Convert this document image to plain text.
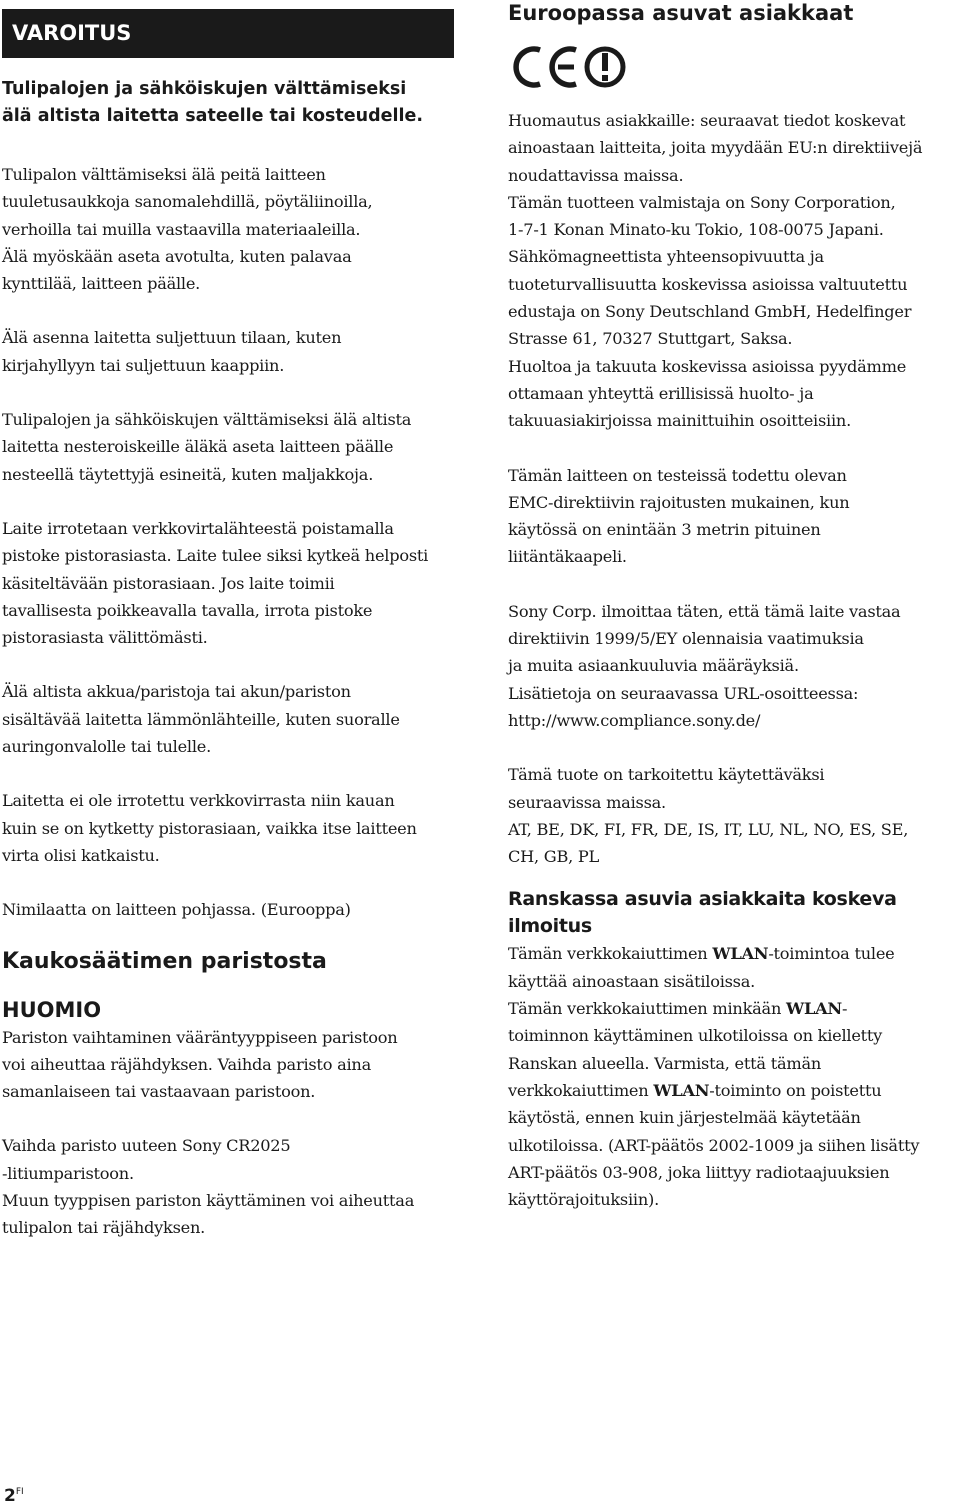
VAROITUS
Tulipalojen ja sähköiskujen välttämiseksi
älä altista laitetta sateelle tai kosteudelle.

Tulipalon välttämiseksi älä peitä laitteen

tuuletusaukkoja sanomalehdillä, pöytäliinoilla,

verhoilla tai muilla vastaavilla materiaaleilla.

Älä myöskään aseta avotulta, kuten palavaa

kynttilää, laitteen päälle.

Älä asenna laitetta suljettuun tilaan, kuten

kirjahyllyyn tai suljettuun kaappiin.

Tulipalojen ja sähköiskujen välttämiseksi älä altista

laitetta nesteroiskeille äläkä aseta laitteen päälle

nesteellä täytettyjä esineitä, kuten maljakkoja.

Laite irrotetaan verkkovirtalähteestä poistamalla

pistoke pistorasiasta. Laite tulee siksi kytkeä helposti

käsiteltävään pistorasiaan. Jos laite toimii

tavallisesta poikkeavalla tavalla, irrota pistoke

pistorasiasta välittömästi.

Älä altista akkua/paristoja tai akun/pariston

sisältävää laitetta lämmönlähteille, kuten suoralle

auringonvalolle tai tulelle.

Laitetta ei ole irrotettu verkkovirrasta niin kauan

kuin se on kytketty pistorasiaan, vaikka itse laitteen

virta olisi katkaistu.

Nimilaatta on laitteen pohjassa. (Eurooppa)

Kaukosäätimen paristosta
HUOMIO

Pariston vaihtaminen vääräntyyppiseen paristoon

voi aiheuttaa räjähdyksen. Vaihda paristo aina

samanlaiseen tai vastaavaan paristoon.

Vaihda paristo uuteen Sony CR2025

-litiumparistoon.

Muun tyyppisen pariston käyttäminen voi aiheuttaa

tulipalon tai räjähdyksen.

Euroopassa asuvat asiakkaat

Huomautus asiakkaille: seuraavat tiedot koskevat

ainoastaan laitteita, joita myydään EU:n direktiivejä

noudattavissa maissa.

Tämän tuotteen valmistaja on Sony Corporation,

1-7-1 Konan Minato-ku Tokio, 108-0075 Japani.

Sähkömagneettista yhteensopivuutta ja

tuoteturvallisuutta koskevissa asioissa valtuutettu

edustaja on Sony Deutschland GmbH, Hedelfinger

Strasse 61, 70327 Stuttgart, Saksa.

Huoltoa ja takuuta koskevissa asioissa pyydämme

ottamaan yhteyttä erillisissä huolto- ja

takuuasiakirjoissa mainittuihin osoitteisiin.

Tämän laitteen on testeissä todettu olevan

EMC-direktiivin rajoitusten mukainen, kun

käytössä on enintään 3 metrin pituinen

liitäntäkaapeli.

Sony Corp. ilmoittaa täten, että tämä laite vastaa

direktiivin 1999/5/EY olennaisia vaatimuksia

ja muita asiaankuuluvia määräyksiä.

Lisätietoja on seuraavassa URL-osoitteessa:

http://www.compliance.sony.de/

Tämä tuote on tarkoitettu käytettäväksi

seuraavissa maissa.

AT, BE, DK, FI, FR, DE, IS, IT, LU, NL, NO, ES, SE,

CH, GB, PL

Ranskassa asuvia asiakkaita koskeva
ilmoitus

Tämän verkkokaiuttimen WLAN-toimintoa tulee

käyttää ainoastaan sisätiloissa.

Tämän verkkokaiuttimen minkään WLAN-

toiminnon käyttäminen ulkotiloissa on kielletty

Ranskan alueella. Varmista, että tämän

verkkokaiuttimen WLAN-toiminto on poistettu

käytöstä, ennen kuin järjestelmää käytetään

ulkotiloissa. (ART-päätös 2002-1009 ja siihen lisätty

ART-päätös 03-908, joka liittyy radiotaajuuksien

käyttörajoituksiin).

$2^{FI}$
